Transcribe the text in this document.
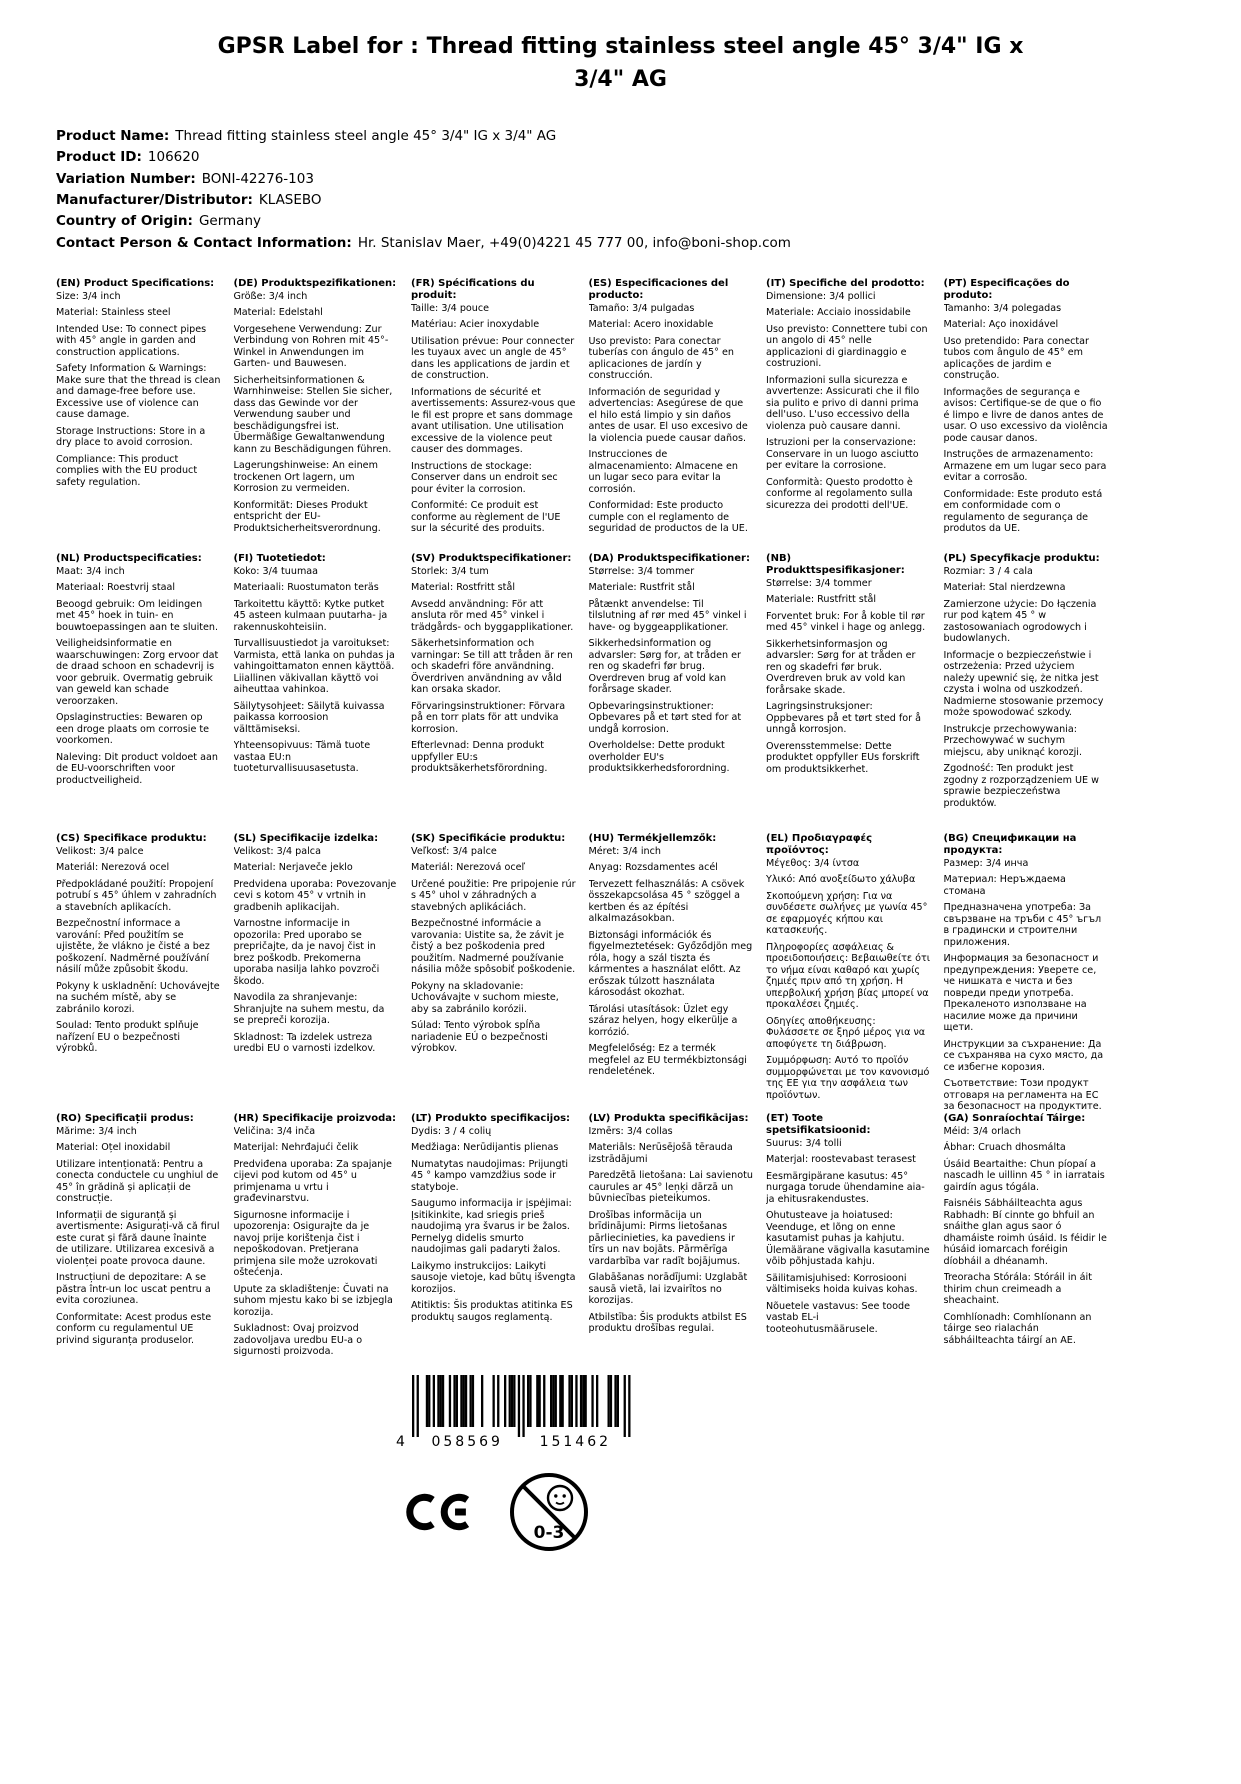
GPSR Label for : Thread fitting stainless steel angle 45° 3/4" IG x 3/4" AG
Product Name: Thread fitting stainless steel angle 45° 3/4" IG x 3/4" AG
Product ID: 106620
Variation Number: BONI-42276-103
Manufacturer/Distributor: KLASEBO
Country of Origin: Germany
Contact Person & Contact Information: Hr. Stanislav Maer, +49(0)4221 45 777 00, info@boni-shop.com
(EN) Product Specifications:

Size: 3/4 inch

Material: Stainless steel

Intended Use: To connect pipes with 45° angle in garden and construction applications.

Safety Information & Warnings: Make sure that the thread is clean and damage-free before use. Excessive use of violence can cause damage.

Storage Instructions: Store in a dry place to avoid corrosion.

Compliance: This product complies with the EU product safety regulation.

(DE) Produktspezifikationen:

Größe: 3/4 inch

Material: Edelstahl

Vorgesehene Verwendung: Zur Verbindung von Rohren mit 45°-Winkel in Anwendungen im Garten- und Bauwesen.

Sicherheitsinformationen & Warnhinweise: Stellen Sie sicher, dass das Gewinde vor der Verwendung sauber und beschädigungsfrei ist. Übermäßige Gewaltanwendung kann zu Beschädigungen führen.

Lagerungshinweise: An einem trockenen Ort lagern, um Korrosion zu vermeiden.

Konformität: Dieses Produkt entspricht der EU-Produktsicherheitsverordnung.

(FR) Spécifications du produit:

Taille: 3/4 pouce

Matériau: Acier inoxydable

Utilisation prévue: Pour connecter les tuyaux avec un angle de 45° dans les applications de jardin et de construction.

Informations de sécurité et avertissements: Assurez-vous que le fil est propre et sans dommage avant utilisation. Une utilisation excessive de la violence peut causer des dommages.

Instructions de stockage: Conserver dans un endroit sec pour éviter la corrosion.

Conformité: Ce produit est conforme au règlement de l'UE sur la sécurité des produits.

(ES) Especificaciones del producto:

Tamaño: 3/4 pulgadas

Material: Acero inoxidable

Uso previsto: Para conectar tuberías con ángulo de 45° en aplicaciones de jardín y construcción.

Información de seguridad y advertencias: Asegúrese de que el hilo está limpio y sin daños antes de usar. El uso excesivo de la violencia puede causar daños.

Instrucciones de almacenamiento: Almacene en un lugar seco para evitar la corrosión.

Conformidad: Este producto cumple con el reglamento de seguridad de productos de la UE.

(IT) Specifiche del prodotto:

Dimensione: 3/4 pollici

Materiale: Acciaio inossidabile

Uso previsto: Connettere tubi con un angolo di 45° nelle applicazioni di giardinaggio e costruzioni.

Informazioni sulla sicurezza e avvertenze: Assicurati che il filo sia pulito e privo di danni prima dell'uso. L'uso eccessivo della violenza può causare danni.

Istruzioni per la conservazione: Conservare in un luogo asciutto per evitare la corrosione.

Conformità: Questo prodotto è conforme al regolamento sulla sicurezza dei prodotti dell'UE.

(PT) Especificações do produto:

Tamanho: 3/4 polegadas

Material: Aço inoxidável

Uso pretendido: Para conectar tubos com ângulo de 45° em aplicações de jardim e construção.

Informações de segurança e avisos: Certifique-se de que o fio é limpo e livre de danos antes de usar. O uso excessivo da violência pode causar danos.

Instruções de armazenamento: Armazene em um lugar seco para evitar a corrosão.

Conformidade: Este produto está em conformidade com o regulamento de segurança de produtos da UE.

(NL) Productspecificaties:

Maat: 3/4 inch

Materiaal: Roestvrij staal

Beoogd gebruik: Om leidingen met 45° hoek in tuin- en bouwtoepassingen aan te sluiten.

Veiligheidsinformatie en waarschuwingen: Zorg ervoor dat de draad schoon en schadevrij is voor gebruik. Overmatig gebruik van geweld kan schade veroorzaken.

Opslaginstructies: Bewaren op een droge plaats om corrosie te voorkomen.

Naleving: Dit product voldoet aan de EU-voorschriften voor productveiligheid.

(FI) Tuotetiedot:

Koko: 3/4 tuumaa

Materiaali: Ruostumaton teräs

Tarkoitettu käyttö: Kytke putket 45 asteen kulmaan puutarha- ja rakennuskohteisiin.

Turvallisuustiedot ja varoitukset: Varmista, että lanka on puhdas ja vahingoittamaton ennen käyttöä. Liiallinen väkivallan käyttö voi aiheuttaa vahinkoa.

Säilytysohjeet: Säilytä kuivassa paikassa korroosion välttämiseksi.

Yhteensopivuus: Tämä tuote vastaa EU:n tuoteturvallisuusasetusta.

(SV) Produktspecifikationer:

Storlek: 3/4 tum

Material: Rostfritt stål

Avsedd användning: För att ansluta rör med 45° vinkel i trädgårds- och byggapplikationer.

Säkerhetsinformation och varningar: Se till att tråden är ren och skadefri före användning. Överdriven användning av våld kan orsaka skador.

Förvaringsinstruktioner: Förvara på en torr plats för att undvika korrosion.

Efterlevnad: Denna produkt uppfyller EU:s produktsäkerhetsförordning.

(DA) Produktspecifikationer:

Størrelse: 3/4 tommer

Materiale: Rustfrit stål

Påtænkt anvendelse: Til tilslutning af rør med 45° vinkel i have- og byggeapplikationer.

Sikkerhedsinformation og advarsler: Sørg for, at tråden er ren og skadefri før brug. Overdreven brug af vold kan forårsage skader.

Opbevaringsinstruktioner: Opbevares på et tørt sted for at undgå korrosion.

Overholdelse: Dette produkt overholder EU's produktsikkerhedsforordning.

(NB) Produkttspesifikasjoner:

Størrelse: 3/4 tommer

Materiale: Rustfritt stål

Forventet bruk: For å koble til rør med 45° vinkel i hage og anlegg.

Sikkerhetsinformasjon og advarsler: Sørg for at tråden er ren og skadefri før bruk. Overdreven bruk av vold kan forårsake skade.

Lagringsinstruksjoner: Oppbevares på et tørt sted for å unngå korrosjon.

Overensstemmelse: Dette produktet oppfyller EUs forskrift om produktsikkerhet.

(PL) Specyfikacje produktu:

Rozmiar: 3 / 4 cala

Materiał: Stal nierdzewna

Zamierzone użycie: Do łączenia rur pod kątem 45 ° w zastosowaniach ogrodowych i budowlanych.

Informacje o bezpieczeństwie i ostrzeżenia: Przed użyciem należy upewnić się, że nitka jest czysta i wolna od uszkodzeń. Nadmierne stosowanie przemocy może spowodować szkody.

Instrukcje przechowywania: Przechowywać w suchym miejscu, aby uniknąć korozji.

Zgodność: Ten produkt jest zgodny z rozporządzeniem UE w sprawie bezpieczeństwa produktów.

(CS) Specifikace produktu:

Velikost: 3/4 palce

Materiál: Nerezová ocel

Předpokládané použití: Propojení potrubí s 45° úhlem v zahradních a stavebních aplikacích.

Bezpečnostní informace a varování: Před použitím se ujistěte, že vlákno je čisté a bez poškození. Nadměrné používání násilí může způsobit škodu.

Pokyny k uskladnění: Uchovávejte na suchém místě, aby se zabránilo korozi.

Soulad: Tento produkt splňuje nařízení EU o bezpečnosti výrobků.

(SL) Specifikacije izdelka:

Velikost: 3/4 palca

Material: Nerjaveče jeklo

Predvidena uporaba: Povezovanje cevi s kotom 45° v vrtnih in gradbenih aplikacijah.

Varnostne informacije in opozorila: Pred uporabo se prepričajte, da je navoj čist in brez poškodb. Prekomerna uporaba nasilja lahko povzroči škodo.

Navodila za shranjevanje: Shranjujte na suhem mestu, da se prepreči korozija.

Skladnost: Ta izdelek ustreza uredbi EU o varnosti izdelkov.

(SK) Špecifikácie produktu:

Veľkosť: 3/4 palce

Materiál: Nerezová oceľ

Určené použitie: Pre pripojenie rúr s 45° uhol v záhradných a stavebných aplikáciách.

Bezpečnostné informácie a varovania: Uistite sa, že závit je čistý a bez poškodenia pred použitím. Nadmerné používanie násilia môže spôsobiť poškodenie.

Pokyny na skladovanie: Uchovávajte v suchom mieste, aby sa zabránilo korózii.

Súlad: Tento výrobok spĺňa nariadenie EÚ o bezpečnosti výrobkov.

(HU) Termékjellemzők:

Méret: 3/4 inch

Anyag: Rozsdamentes acél

Tervezett felhasználás: A csövek összekapcsolása 45 ° szöggel a kertben és az építési alkalmazásokban.

Biztonsági információk és figyelmeztetések: Győződjön meg róla, hogy a szál tiszta és kármentes a használat előtt. Az erőszak túlzott használata károsodást okozhat.

Tárolási utasítások: Üzlet egy száraz helyen, hogy elkerülje a korrózió.

Megfelelőség: Ez a termék megfelel az EU termékbiztonsági rendeletének.

(EL) Προδιαγραφές προϊόντος:

Μέγεθος: 3/4 ίντσα

Υλικό: Από ανοξείδωτο χάλυβα

Σκοπούμενη χρήση: Για να συνδέσετε σωλήνες με γωνία 45° σε εφαρμογές κήπου και κατασκευής.

Πληροφορίες ασφάλειας & προειδοποιήσεις: Βεβαιωθείτε ότι το νήμα είναι καθαρό και χωρίς ζημιές πριν από τη χρήση. Η υπερβολική χρήση βίας μπορεί να προκαλέσει ζημιές.

Οδηγίες αποθήκευσης: Φυλάσσετε σε ξηρό μέρος για να αποφύγετε τη διάβρωση.

Συμμόρφωση: Αυτό το προϊόν συμμορφώνεται με τον κανονισμό της ΕΕ για την ασφάλεια των προϊόντων.

(BG) Спецификации на продукта:

Размер: 3/4 инча

Материал: Неръждаема стомана

Предназначена употреба: За свързване на тръби с 45° ъгъл в градински и строителни приложения.

Информация за безопасност и предупреждения: Уверете се, че нишката е чиста и без повреди преди употреба. Прекаленото използване на насилие може да причини щети.

Инструкции за съхранение: Да се съхранява на сухо място, да се избегне корозия.

Съответствие: Този продукт отговаря на регламента на ЕС за безопасност на продуктите.

(RO) Specificații produs:

Mărime: 3/4 inch

Material: Oțel inoxidabil

Utilizare intenționată: Pentru a conecta conductele cu unghiul de 45° în grădină și aplicații de construcție.

Informații de siguranță și avertismente: Asigurați-vă că firul este curat și fără daune înainte de utilizare. Utilizarea excesivă a violenței poate provoca daune.

Instrucțiuni de depozitare: A se păstra într-un loc uscat pentru a evita coroziunea.

Conformitate: Acest produs este conform cu regulamentul UE privind siguranța produselor.

(HR) Specifikacije proizvoda:

Veličina: 3/4 inča

Materijal: Nehrđajući čelik

Predviđena uporaba: Za spajanje cijevi pod kutom od 45° u primjenama u vrtu i građevinarstvu.

Sigurnosne informacije i upozorenja: Osigurajte da je navoj prije korištenja čist i nepoškodovan. Pretjerana primjena sile može uzrokovati oštećenja.

Upute za skladištenje: Čuvati na suhom mjestu kako bi se izbjegla korozija.

Sukladnost: Ovaj proizvod zadovoljava uredbu EU-a o sigurnosti proizvoda.

(LT) Produkto specifikacijos:

Dydis: 3 / 4 colių

Medžiaga: Nerūdijantis plienas

Numatytas naudojimas: Prijungti 45 ° kampo vamzdžius sode ir statyboje.

Saugumo informacija ir įspėjimai: Įsitikinkite, kad sriegis prieš naudojimą yra švarus ir be žalos. Pernelyg didelis smurto naudojimas gali padaryti žalos.

Laikymo instrukcijos: Laikyti sausoje vietoje, kad būtų išvengta korozijos.

Atitiktis: Šis produktas atitinka ES produktų saugos reglamentą.

(LV) Produkta specifikācijas:

Izmērs: 3/4 collas

Materiāls: Nerūsējošā tērauda izstrādājumi

Paredzētā lietošana: Lai savienotu caurules ar 45° leņķi dārzā un būvniecības pieteikumos.

Drošības informācija un brīdinājumi: Pirms lietošanas pārliecinieties, ka pavediens ir tīrs un nav bojāts. Pārmērīga vardarbība var radīt bojājumus.

Glabāšanas norādījumi: Uzglabāt sausā vietā, lai izvairītos no korozijas.

Atbilstība: Šis produkts atbilst ES produktu drošības regulai.

(ET) Toote spetsifikatsioonid:

Suurus: 3/4 tolli

Materjal: roostevabast terasest

Eesmärgipärane kasutus: 45° nurgaga torude ühendamine aia- ja ehitusrakendustes.

Ohutusteave ja hoiatused: Veenduge, et lõng on enne kasutamist puhas ja kahjutu. Ülemäärane vägivalla kasutamine võib põhjustada kahju.

Säilitamisjuhised: Korrosiooni vältimiseks hoida kuivas kohas.

Nõuetele vastavus: See toode vastab EL-i tooteohutusmäärusele.

(GA) Sonraíochtaí Táirge:

Méid: 3/4 orlach

Ábhar: Cruach dhosmálta

Úsáid Beartaithe: Chun píopaí a nascadh le uillinn 45 ° in iarratais gairdín agus tógála.

Faisnéis Sábháilteachta agus Rabhadh: Bí cinnte go bhfuil an snáithe glan agus saor ó dhamáiste roimh úsáid. Is féidir le húsáid iomarcach foréigin díobháil a dhéanamh.

Treoracha Stórála: Stóráil in áit thirim chun creimeadh a sheachaint.

Comhlíonadh: Comhlíonann an táirge seo rialachán sábháilteachta táirgí an AE.

4 058569	151462
0-3
